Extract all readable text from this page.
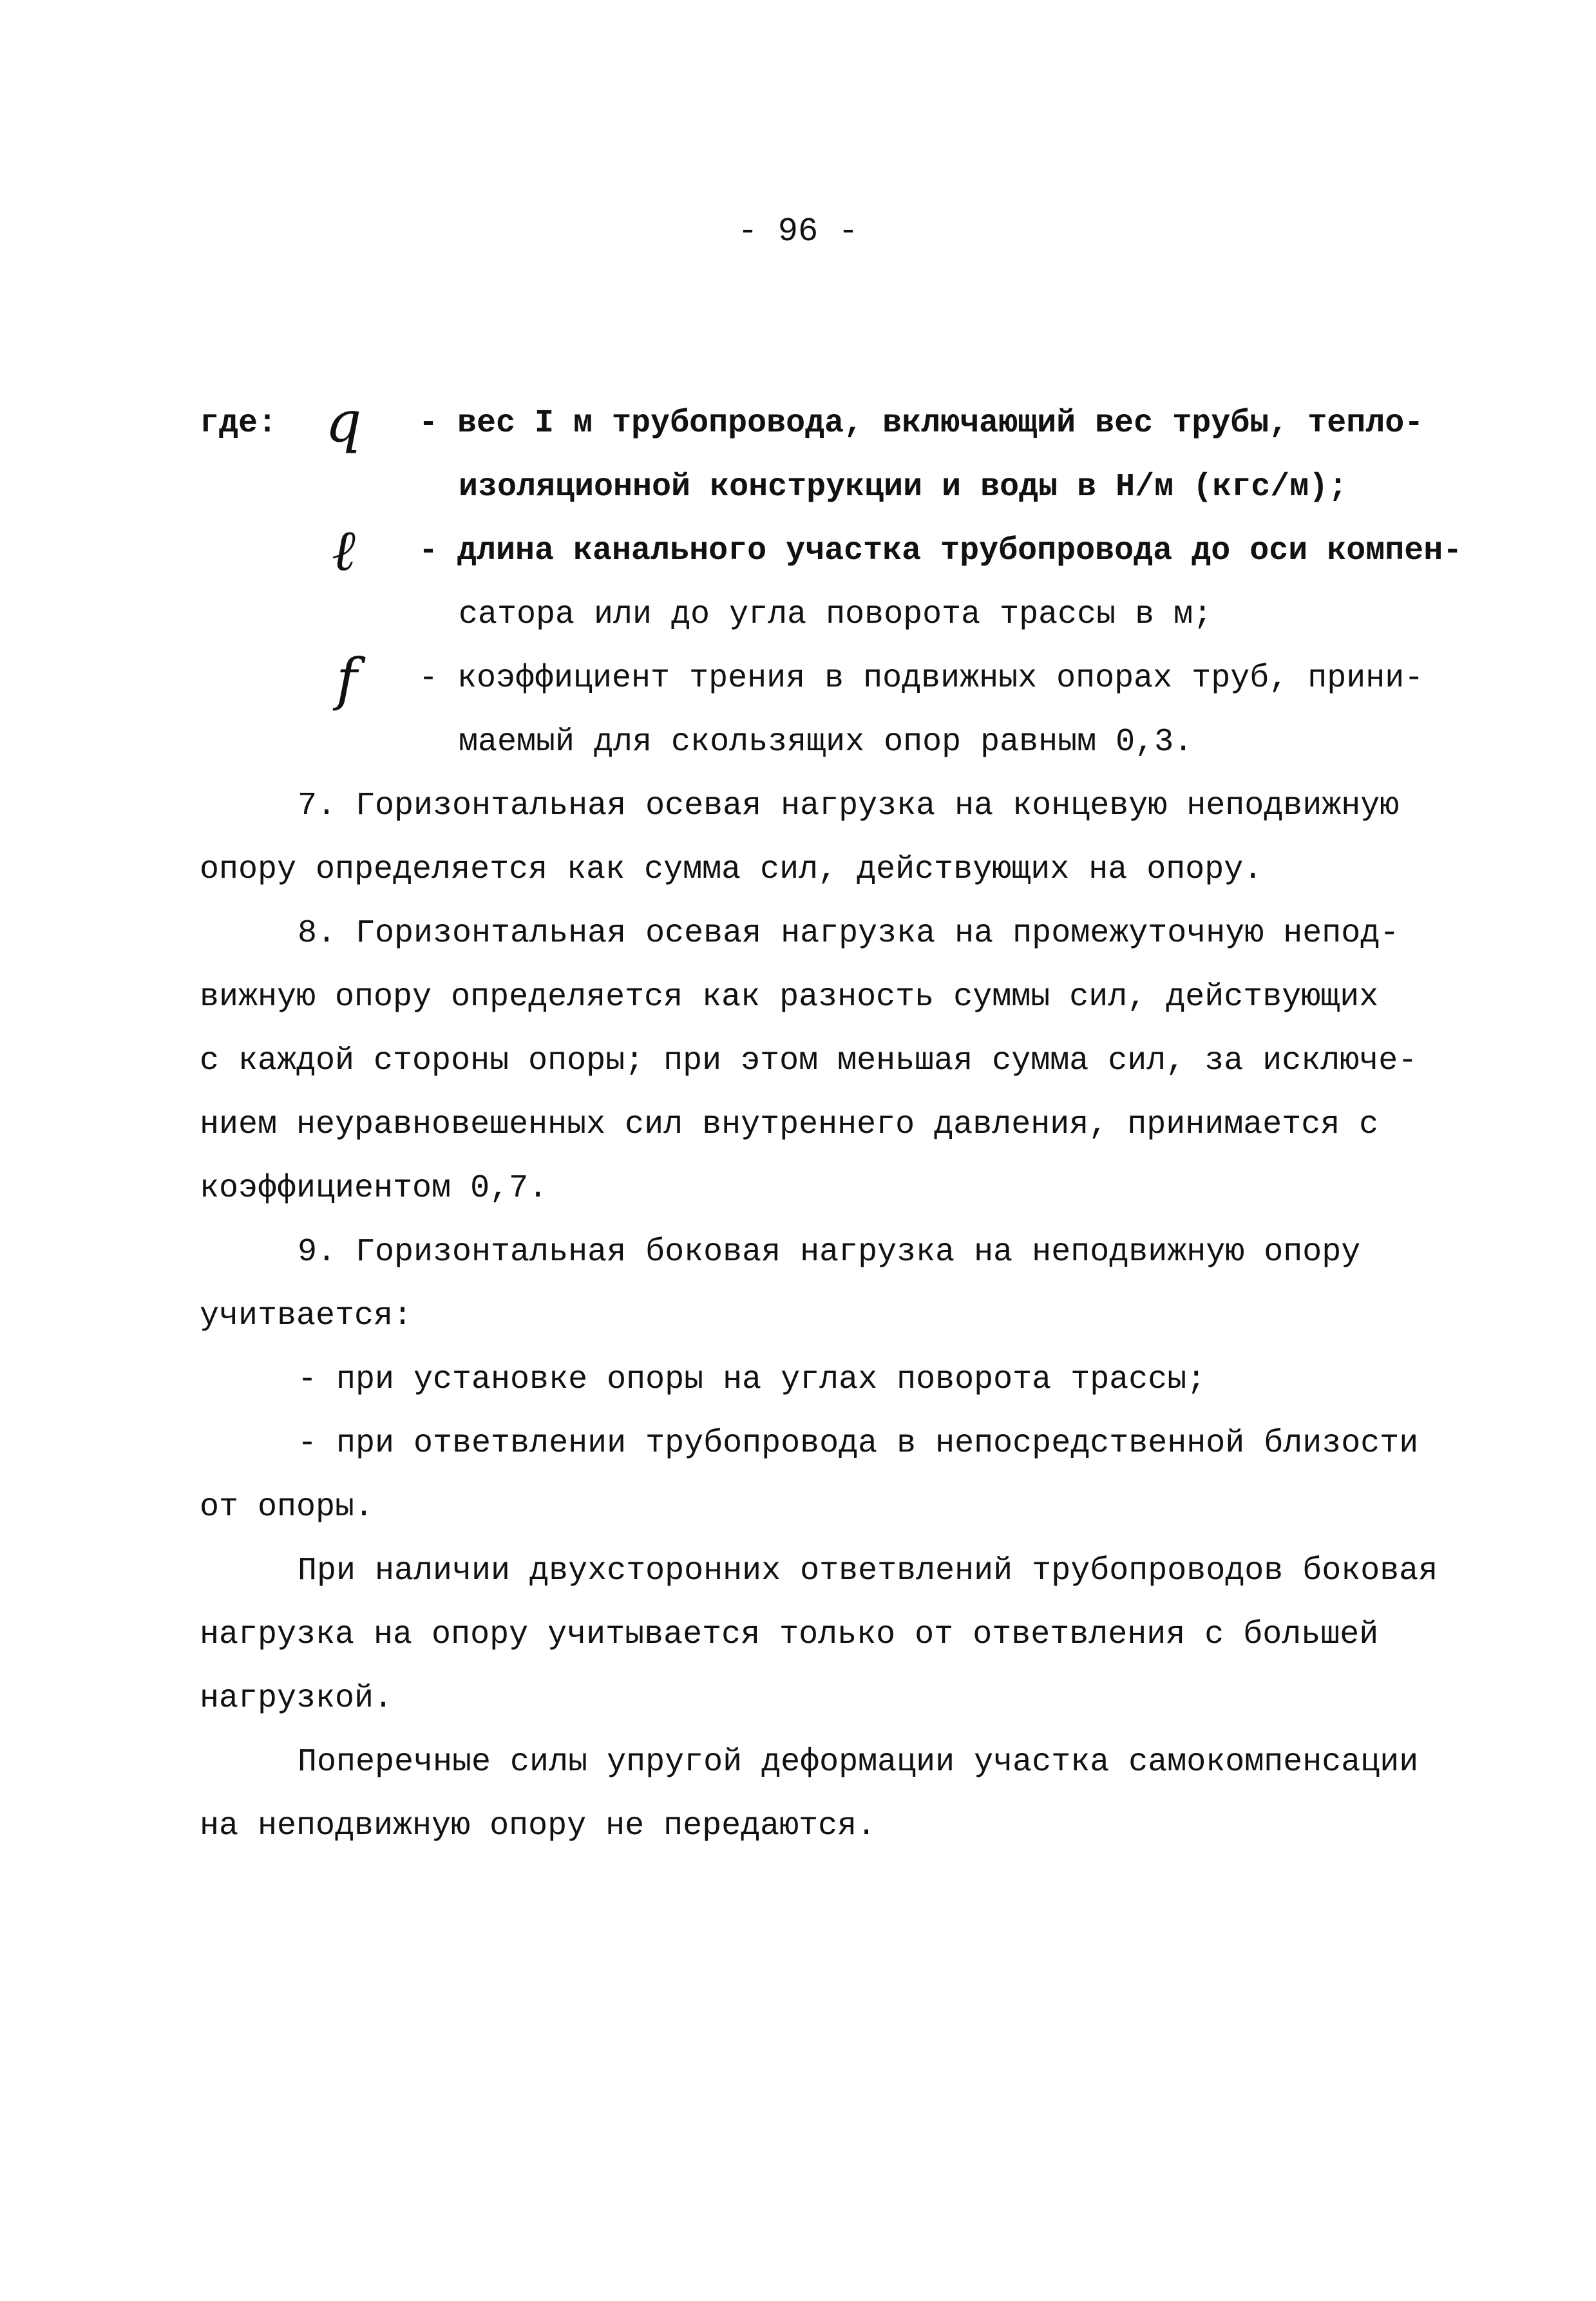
- 96 -
где: q - вес I м трубопровода, включающий вес трубы, тепло-
изоляционной конструкции и воды в Н/м (кгс/м);
ℓ - длина канального участка трубопровода до оси компен-
сатора или до угла поворота трассы в м;
f - коэффициент трения в подвижных опорах труб, прини-
маемый для скользящих опор равным 0,3.
7. Горизонтальная осевая нагрузка на концевую неподвижную
опору определяется как сумма сил, действующих на опору.
8. Горизонтальная осевая нагрузка на промежуточную непод-
вижную опору определяется как разность суммы сил, действующих
с каждой стороны опоры; при этом меньшая сумма сил, за исключе-
нием неуравновешенных сил внутреннего давления, принимается с
коэффициентом 0,7.
9. Горизонтальная боковая нагрузка на неподвижную опору
учитвается:
- при установке опоры на углах поворота трассы;
- при ответвлении трубопровода в непосредственной близости
от опоры.
При наличии двухсторонних ответвлений трубопроводов боковая
нагрузка на опору учитывается только от ответвления с большей
нагрузкой.
Поперечные силы упругой деформации участка самокомпенсации
на неподвижную опору не передаются.
